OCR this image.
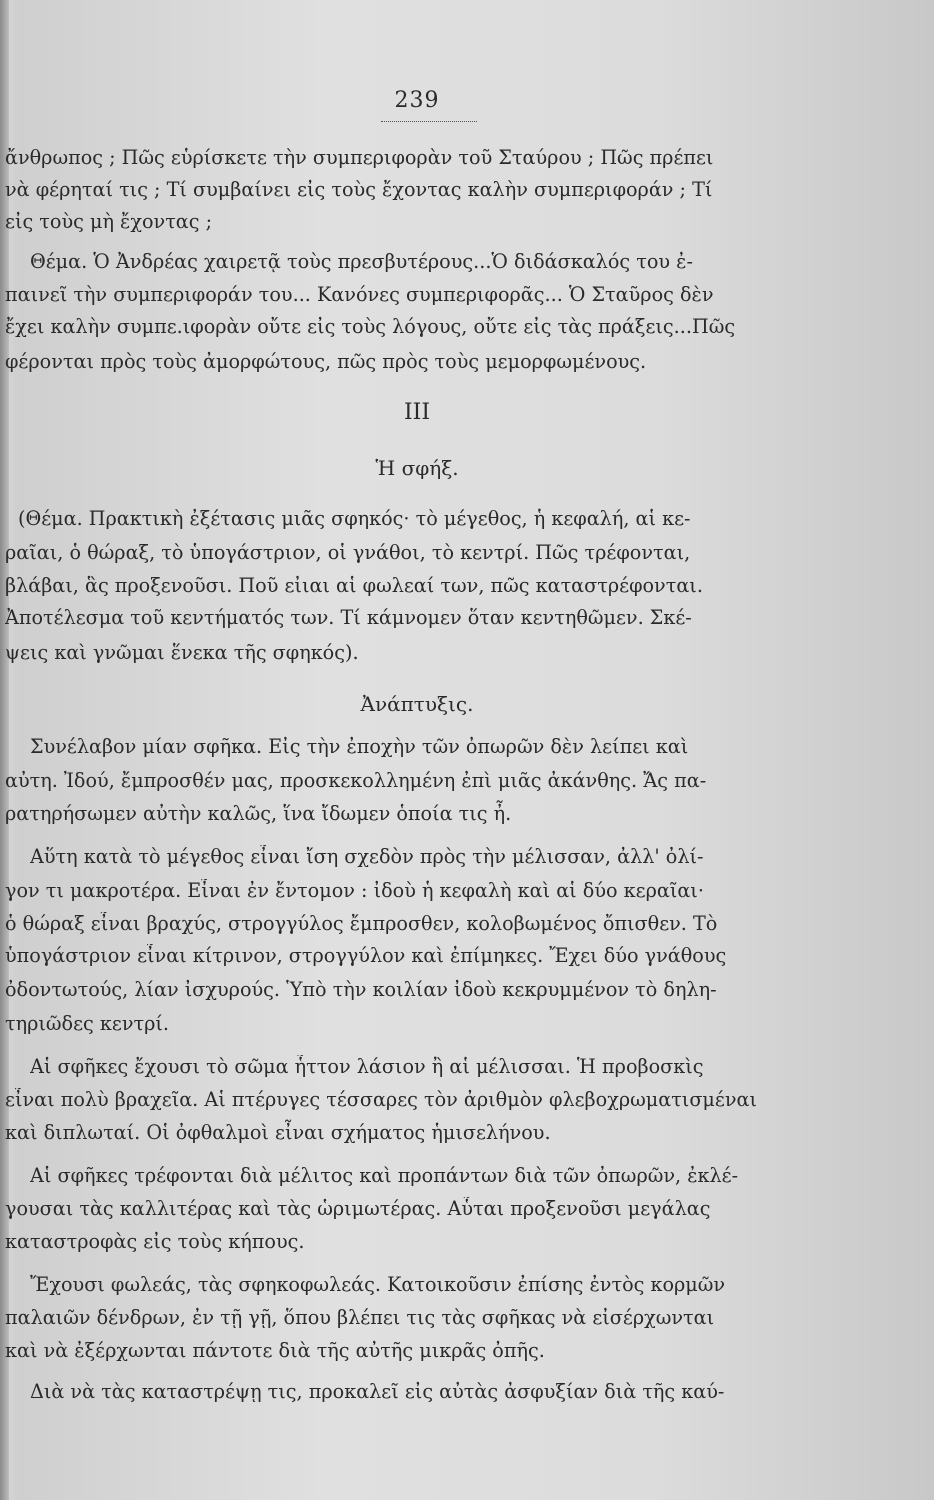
239
ἄνθρωπος ; Πῶς εὑρίσκετε τὴν συμπεριφορὰν τοῦ Σταύρου ; Πῶς πρέπει
νὰ φέρηταί τις ; Τί συμβαίνει εἰς τοὺς ἔχοντας καλὴν συμπεριφοράν ; Τί
εἰς τοὺς μὴ ἔχοντας ;
Θέμα. Ὁ Ἀνδρέας χαιρετᾷ τοὺς πρεσβυτέρους...Ὁ διδάσκαλός του ἐ-
παινεῖ τὴν συμπεριφοράν του... Κανόνες συμπεριφορᾶς... Ὁ Σταῦρος δὲν
ἔχει καλὴν συμπε.ιφορὰν οὔτε εἰς τοὺς λόγους, οὔτε εἰς τὰς πράξεις...Πῶς
φέρονται πρὸς τοὺς ἀμορφώτους, πῶς πρὸς τοὺς μεμορφωμένους.
III
Ἡ σφήξ.
(Θέμα. Πρακτικὴ ἐξέτασις μιᾶς σφηκός· τὸ μέγεθος, ἡ κεφαλή, αἱ κε-
ραῖαι, ὁ θώραξ, τὸ ὑπογάστριον, οἱ γνάθοι, τὸ κεντρί. Πῶς τρέφονται,
βλάβαι, ἃς προξενοῦσι. Ποῦ εἰιαι αἱ φωλεαί των, πῶς καταστρέφονται.
Ἀποτέλεσμα τοῦ κεντήματός των. Τί κάμνομεν ὅταν κεντηθῶμεν. Σκέ-
ψεις καὶ γνῶμαι ἕνεκα τῆς σφηκός).
Ἀνάπτυξις.
Συνέλαβον μίαν σφῆκα. Εἰς τὴν ἐποχὴν τῶν ὀπωρῶν δὲν λείπει καὶ
αὐτη. Ἰδού, ἔμπροσθέν μας, προσκεκολλημένη ἐπὶ μιᾶς ἀκάνθης. Ἄς πα-
ρατηρήσωμεν αὐτὴν καλῶς, ἵνα ἴδωμεν ὁποία τις ἦ.
Αὕτη κατὰ τὸ μέγεθος εἶναι ἴση σχεδὸν πρὸς τὴν μέλισσαν, ἀλλ' ὀλί-
γον τι μακροτέρα. Εἶναι ἐν ἔντομον : ἰδοὺ ἡ κεφαλὴ καὶ αἱ δύο κεραῖαι·
ὁ θώραξ εἶναι βραχύς, στρογγύλος ἔμπροσθεν, κολοβωμένος ὄπισθεν. Τὸ
ὑπογάστριον εἶναι κίτρινον, στρογγύλον καὶ ἐπίμηκες. Ἔχει δύο γνάθους
ὀδοντωτούς, λίαν ἰσχυρούς. Ὑπὸ τὴν κοιλίαν ἰδοὺ κεκρυμμένον τὸ δηλη-
τηριῶδες κεντρί.
Αἱ σφῆκες ἔχουσι τὸ σῶμα ἧττον λάσιον ἢ αἱ μέλισσαι. Ἡ προβοσκὶς
εἶναι πολὺ βραχεῖα. Αἱ πτέρυγες τέσσαρες τὸν ἀριθμὸν φλεβοχρωματισμέναι
καὶ διπλωταί. Οἱ ὀφθαλμοὶ εἶναι σχήματος ἡμισελήνου.
Αἱ σφῆκες τρέφονται διὰ μέλιτος καὶ προπάντων διὰ τῶν ὀπωρῶν, ἐκλέ-
γουσαι τὰς καλλιτέρας καὶ τὰς ὡριμωτέρας. Αὗται προξενοῦσι μεγάλας
καταστροφὰς εἰς τοὺς κήπους.
Ἔχουσι φωλεάς, τὰς σφηκοφωλεάς. Κατοικοῦσιν ἐπίσης ἐντὸς κορμῶν
παλαιῶν δένδρων, ἐν τῇ γῇ, ὅπου βλέπει τις τὰς σφῆκας νὰ εἰσέρχωνται
καὶ νὰ ἐξέρχωνται πάντοτε διὰ τῆς αὐτῆς μικρᾶς ὀπῆς.
Διὰ νὰ τὰς καταστρέψῃ τις, προκαλεῖ εἰς αὐτὰς ἀσφυξίαν διὰ τῆς καύ-
